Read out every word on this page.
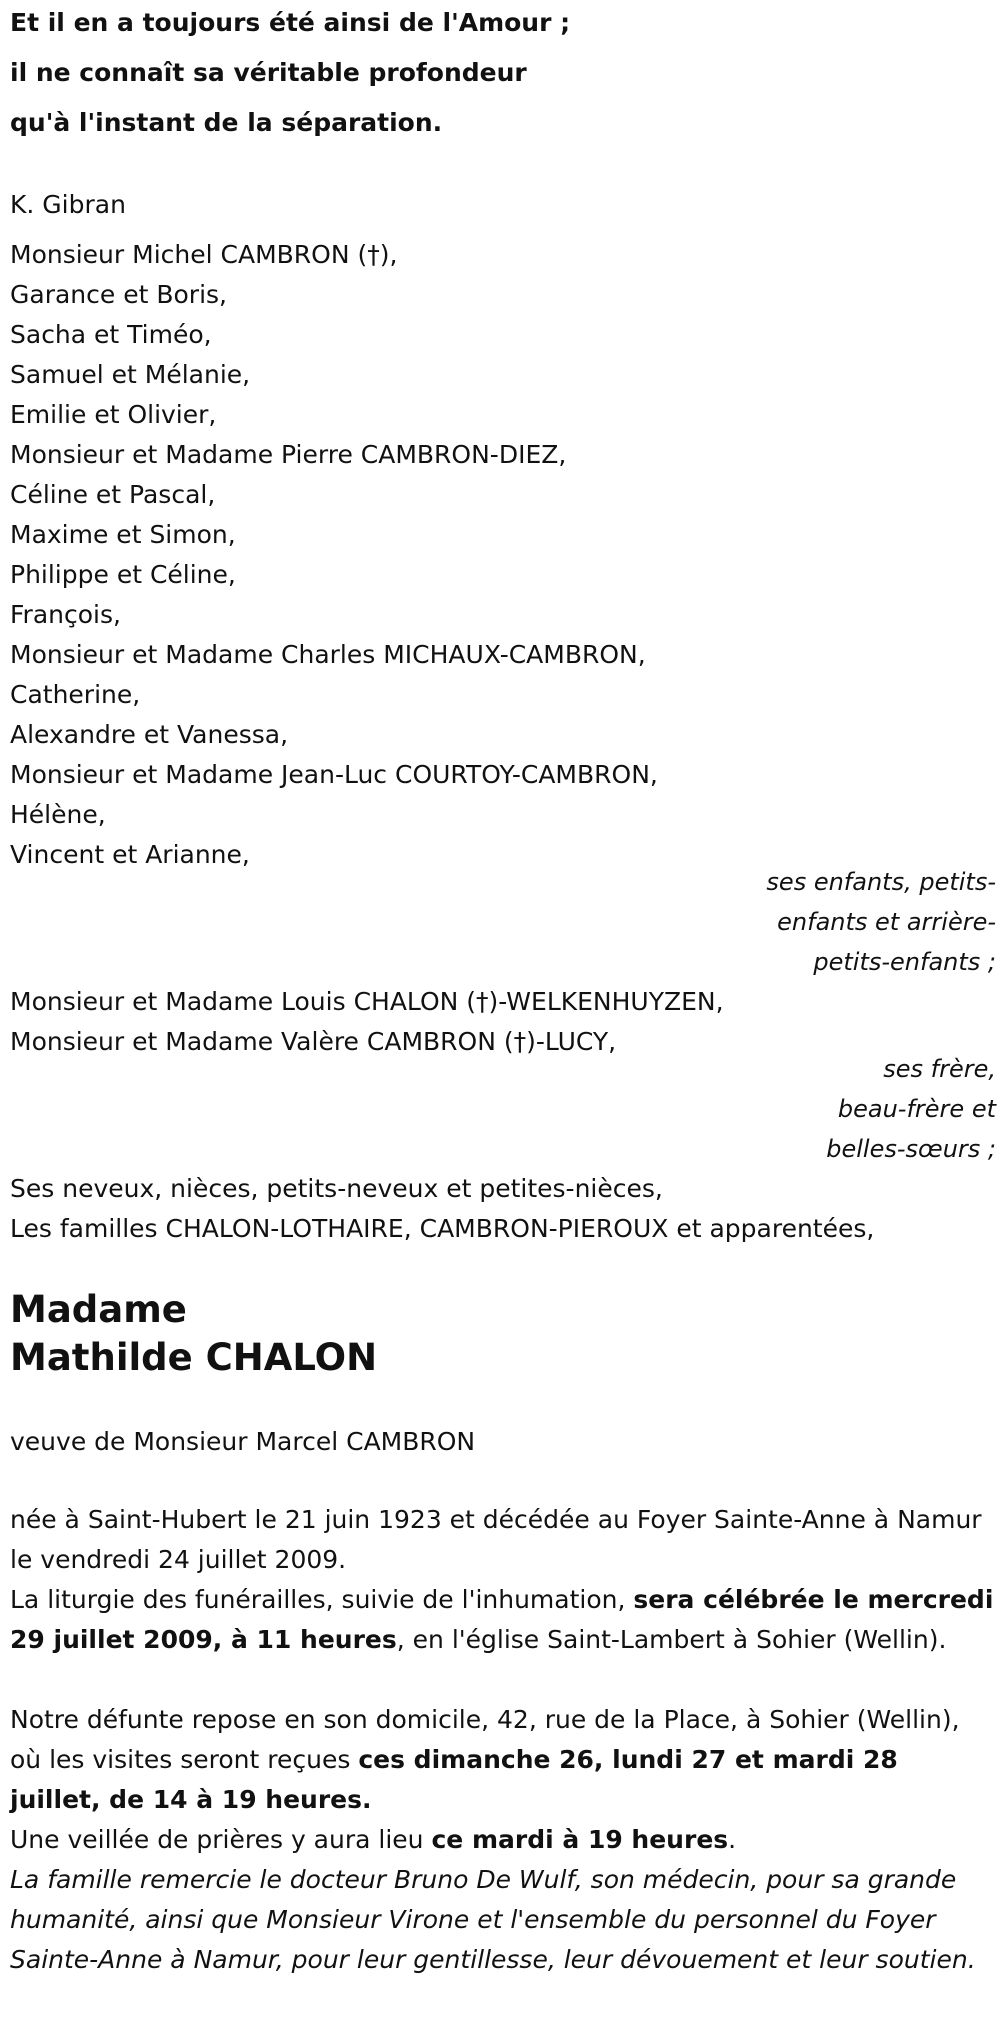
Et il en a toujours été ainsi de l'Amour ;
il ne connaît sa véritable profondeur
qu'à l'instant de la séparation.
K. Gibran
Monsieur Michel CAMBRON (†),
Garance et Boris,
Sacha et Timéo,
Samuel et Mélanie,
Emilie et Olivier,
Monsieur et Madame Pierre CAMBRON-DIEZ,
Céline et Pascal,
Maxime et Simon,
Philippe et Céline,
François,
Monsieur et Madame Charles MICHAUX-CAMBRON,
Catherine,
Alexandre et Vanessa,
Monsieur et Madame Jean-Luc COURTOY-CAMBRON,
Hélène,
Vincent et Arianne,
ses enfants, petits-
enfants et arrière-
petits-enfants ;
Monsieur et Madame Louis CHALON (†)-WELKENHUYZEN,
Monsieur et Madame Valère CAMBRON (†)-LUCY,
ses frère,
beau-frère et
belles-sœurs ;
Ses neveux, nièces, petits-neveux et petites-nièces,
Les familles CHALON-LOTHAIRE, CAMBRON-PIEROUX et apparentées,
Madame
Mathilde CHALON
veuve de Monsieur Marcel CAMBRON
née à Saint-Hubert le 21 juin 1923 et décédée au Foyer Sainte-Anne à Namur le vendredi 24 juillet 2009.
La liturgie des funérailles, suivie de l'inhumation, sera célébrée le mercredi 29 juillet 2009, à 11 heures, en l'église Saint-Lambert à Sohier (Wellin).
Notre défunte repose en son domicile, 42, rue de la Place, à Sohier (Wellin), où les visites seront reçues ces dimanche 26, lundi 27 et mardi 28 juillet, de 14 à 19 heures.
Une veillée de prières y aura lieu ce mardi à 19 heures.
La famille remercie le docteur Bruno De Wulf, son médecin, pour sa grande humanité, ainsi que Monsieur Virone et l'ensemble du personnel du Foyer Sainte-Anne à Namur, pour leur gentillesse, leur dévouement et leur soutien.
